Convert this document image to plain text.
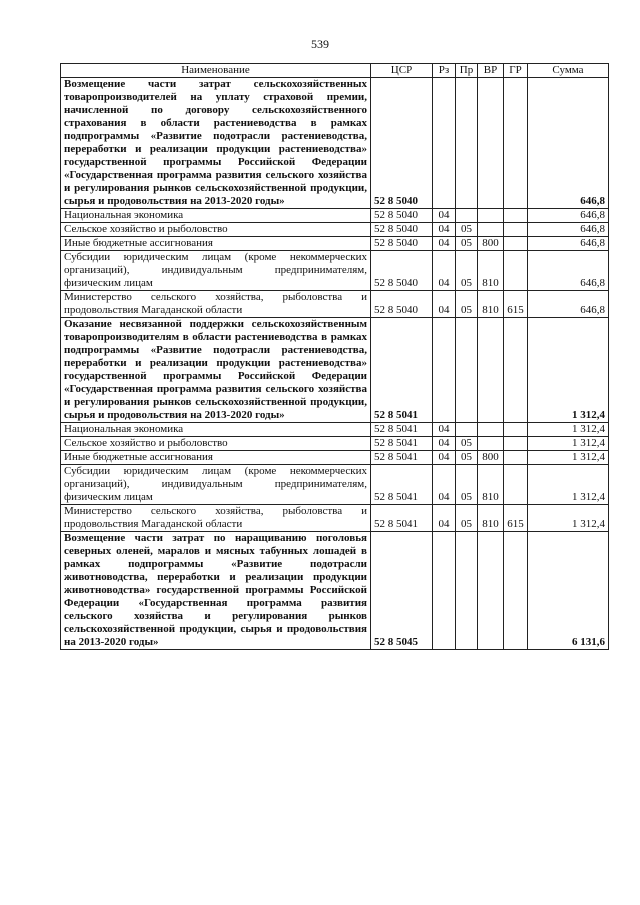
539
Наименование	ЦСР	Рз	Пр	ВР	ГР	Сумма
Возмещение части затрат сельскохозяйственных товаропроизводителей на уплату страховой премии, начисленной по договору сельскохозяйственного страхования в области растениеводства в рамках подпрограммы «Развитие подотрасли растениеводства, переработки и реализации продукции растениеводства» государственной программы Российской Федерации «Государственная программа развития сельского хозяйства и регулирования рынков сельскохозяйственной продукции, сырья и продовольствия на 2013-2020 годы»	52 8 5040					646,8
Национальная экономика	52 8 5040	04				646,8
Сельское хозяйство и рыболовство	52 8 5040	04	05			646,8
Иные бюджетные ассигнования	52 8 5040	04	05	800		646,8
Субсидии юридическим лицам (кроме некоммерческих организаций), индивидуальным предпринимателям, физическим лицам	52 8 5040	04	05	810		646,8
Министерство сельского хозяйства, рыболовства и продовольствия Магаданской области	52 8 5040	04	05	810	615	646,8
Оказание несвязанной поддержки сельскохозяйственным товаропроизводителям в области растениеводства в рамках подпрограммы «Развитие подотрасли растениеводства, переработки и реализации продукции растениеводства» государственной программы Российской Федерации «Государственная программа развития сельского хозяйства и регулирования рынков сельскохозяйственной продукции, сырья и продовольствия на 2013-2020 годы»	52 8 5041					1 312,4
Национальная экономика	52 8 5041	04				1 312,4
Сельское хозяйство и рыболовство	52 8 5041	04	05			1 312,4
Иные бюджетные ассигнования	52 8 5041	04	05	800		1 312,4
Субсидии юридическим лицам (кроме некоммерческих организаций), индивидуальным предпринимателям, физическим лицам	52 8 5041	04	05	810		1 312,4
Министерство сельского хозяйства, рыболовства и продовольствия Магаданской области	52 8 5041	04	05	810	615	1 312,4
Возмещение части затрат по наращиванию поголовья северных оленей, маралов и мясных табунных лошадей в рамках подпрограммы «Развитие подотрасли животноводства, переработки и реализации продукции животноводства» государственной программы Российской Федерации «Государственная программа развития сельского хозяйства и регулирования рынков сельскохозяйственной продукции, сырья и продовольствия на 2013-2020 годы»	52 8 5045					6 131,6
